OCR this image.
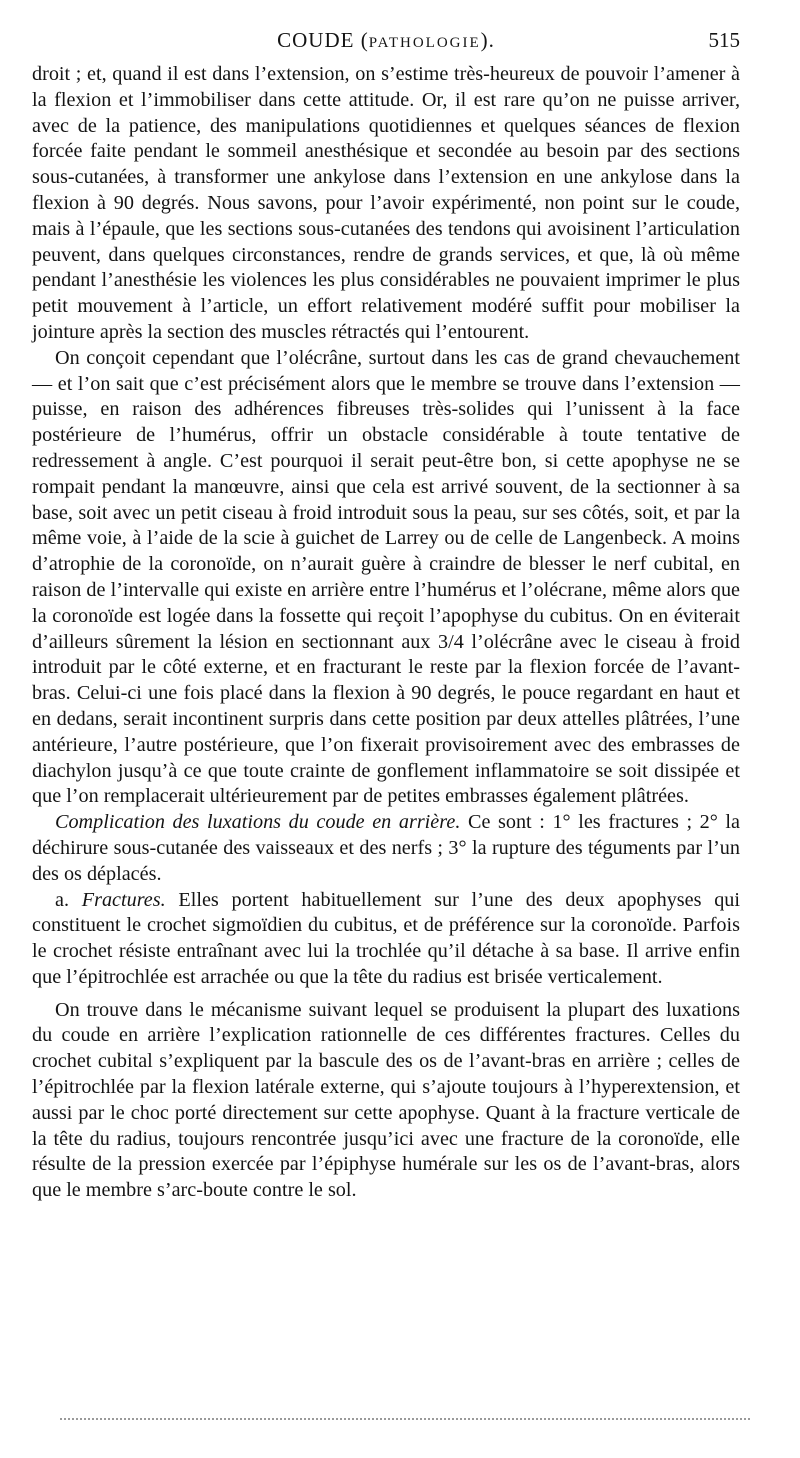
COUDE (PATHOLOGIE).	515

droit ; et, quand il est dans l’extension, on s’estime très-heureux de pouvoir l’amener à la flexion et l’immobiliser dans cette attitude. Or, il est rare qu’on ne puisse arriver, avec de la patience, des manipulations quotidiennes et quelques séances de flexion forcée faite pendant le sommeil anesthésique et secondée au besoin par des sections sous-cutanées, à transformer une ankylose dans l’extension en une ankylose dans la flexion à 90 degrés. Nous savons, pour l’avoir expérimenté, non point sur le coude, mais à l’épaule, que les sections sous-cutanées des tendons qui avoisinent l’articulation peuvent, dans quelques circonstances, rendre de grands services, et que, là où même pendant l’anesthésie les violences les plus considérables ne pouvaient imprimer le plus petit mouvement à l’article, un effort relativement modéré suffit pour mobiliser la jointure après la section des muscles rétractés qui l’entourent.

On conçoit cependant que l’olécrâne, surtout dans les cas de grand chevauchement — et l’on sait que c’est précisément alors que le membre se trouve dans l’extension — puisse, en raison des adhérences fibreuses très-solides qui l’unissent à la face postérieure de l’humérus, offrir un obstacle considérable à toute tentative de redressement à angle. C’est pourquoi il serait peut-être bon, si cette apophyse ne se rompait pendant la manœuvre, ainsi que cela est arrivé souvent, de la sectionner à sa base, soit avec un petit ciseau à froid introduit sous la peau, sur ses côtés, soit, et par la même voie, à l’aide de la scie à guichet de Larrey ou de celle de Langenbeck. A moins d’atrophie de la coronoïde, on n’aurait guère à craindre de blesser le nerf cubital, en raison de l’intervalle qui existe en arrière entre l’humérus et l’olécrane, même alors que la coronoïde est logée dans la fossette qui reçoit l’apophyse du cubitus. On en éviterait d’ailleurs sûrement la lésion en sectionnant aux 3/4 l’olécrâne avec le ciseau à froid introduit par le côté externe, et en fracturant le reste par la flexion forcée de l’avant-bras. Celui-ci une fois placé dans la flexion à 90 degrés, le pouce regardant en haut et en dedans, serait incontinent surpris dans cette position par deux attelles plâtrées, l’une antérieure, l’autre postérieure, que l’on fixerait provisoirement avec des embrasses de diachylon jusqu’à ce que toute crainte de gonflement inflammatoire se soit dissipée et que l’on remplacerait ultérieurement par de petites embrasses également plâtrées.

Complication des luxations du coude en arrière. Ce sont : 1° les fractures ; 2° la déchirure sous-cutanée des vaisseaux et des nerfs ; 3° la rupture des téguments par l’un des os déplacés.

a. Fractures. Elles portent habituellement sur l’une des deux apophyses qui constituent le crochet sigmoïdien du cubitus, et de préférence sur la coronoïde. Parfois le crochet résiste entraînant avec lui la trochlée qu’il détache à sa base. Il arrive enfin que l’épitrochlée est arrachée ou que la tête du radius est brisée verticalement.

On trouve dans le mécanisme suivant lequel se produisent la plupart des luxations du coude en arrière l’explication rationnelle de ces différentes fractures. Celles du crochet cubital s’expliquent par la bascule des os de l’avant-bras en arrière ; celles de l’épitrochlée par la flexion latérale externe, qui s’ajoute toujours à l’hyperextension, et aussi par le choc porté directement sur cette apophyse. Quant à la fracture verticale de la tête du radius, toujours rencontrée jusqu’ici avec une fracture de la coronoïde, elle résulte de la pression exercée par l’épiphyse humérale sur les os de l’avant-bras, alors que le membre s’arc-boute contre le sol.
